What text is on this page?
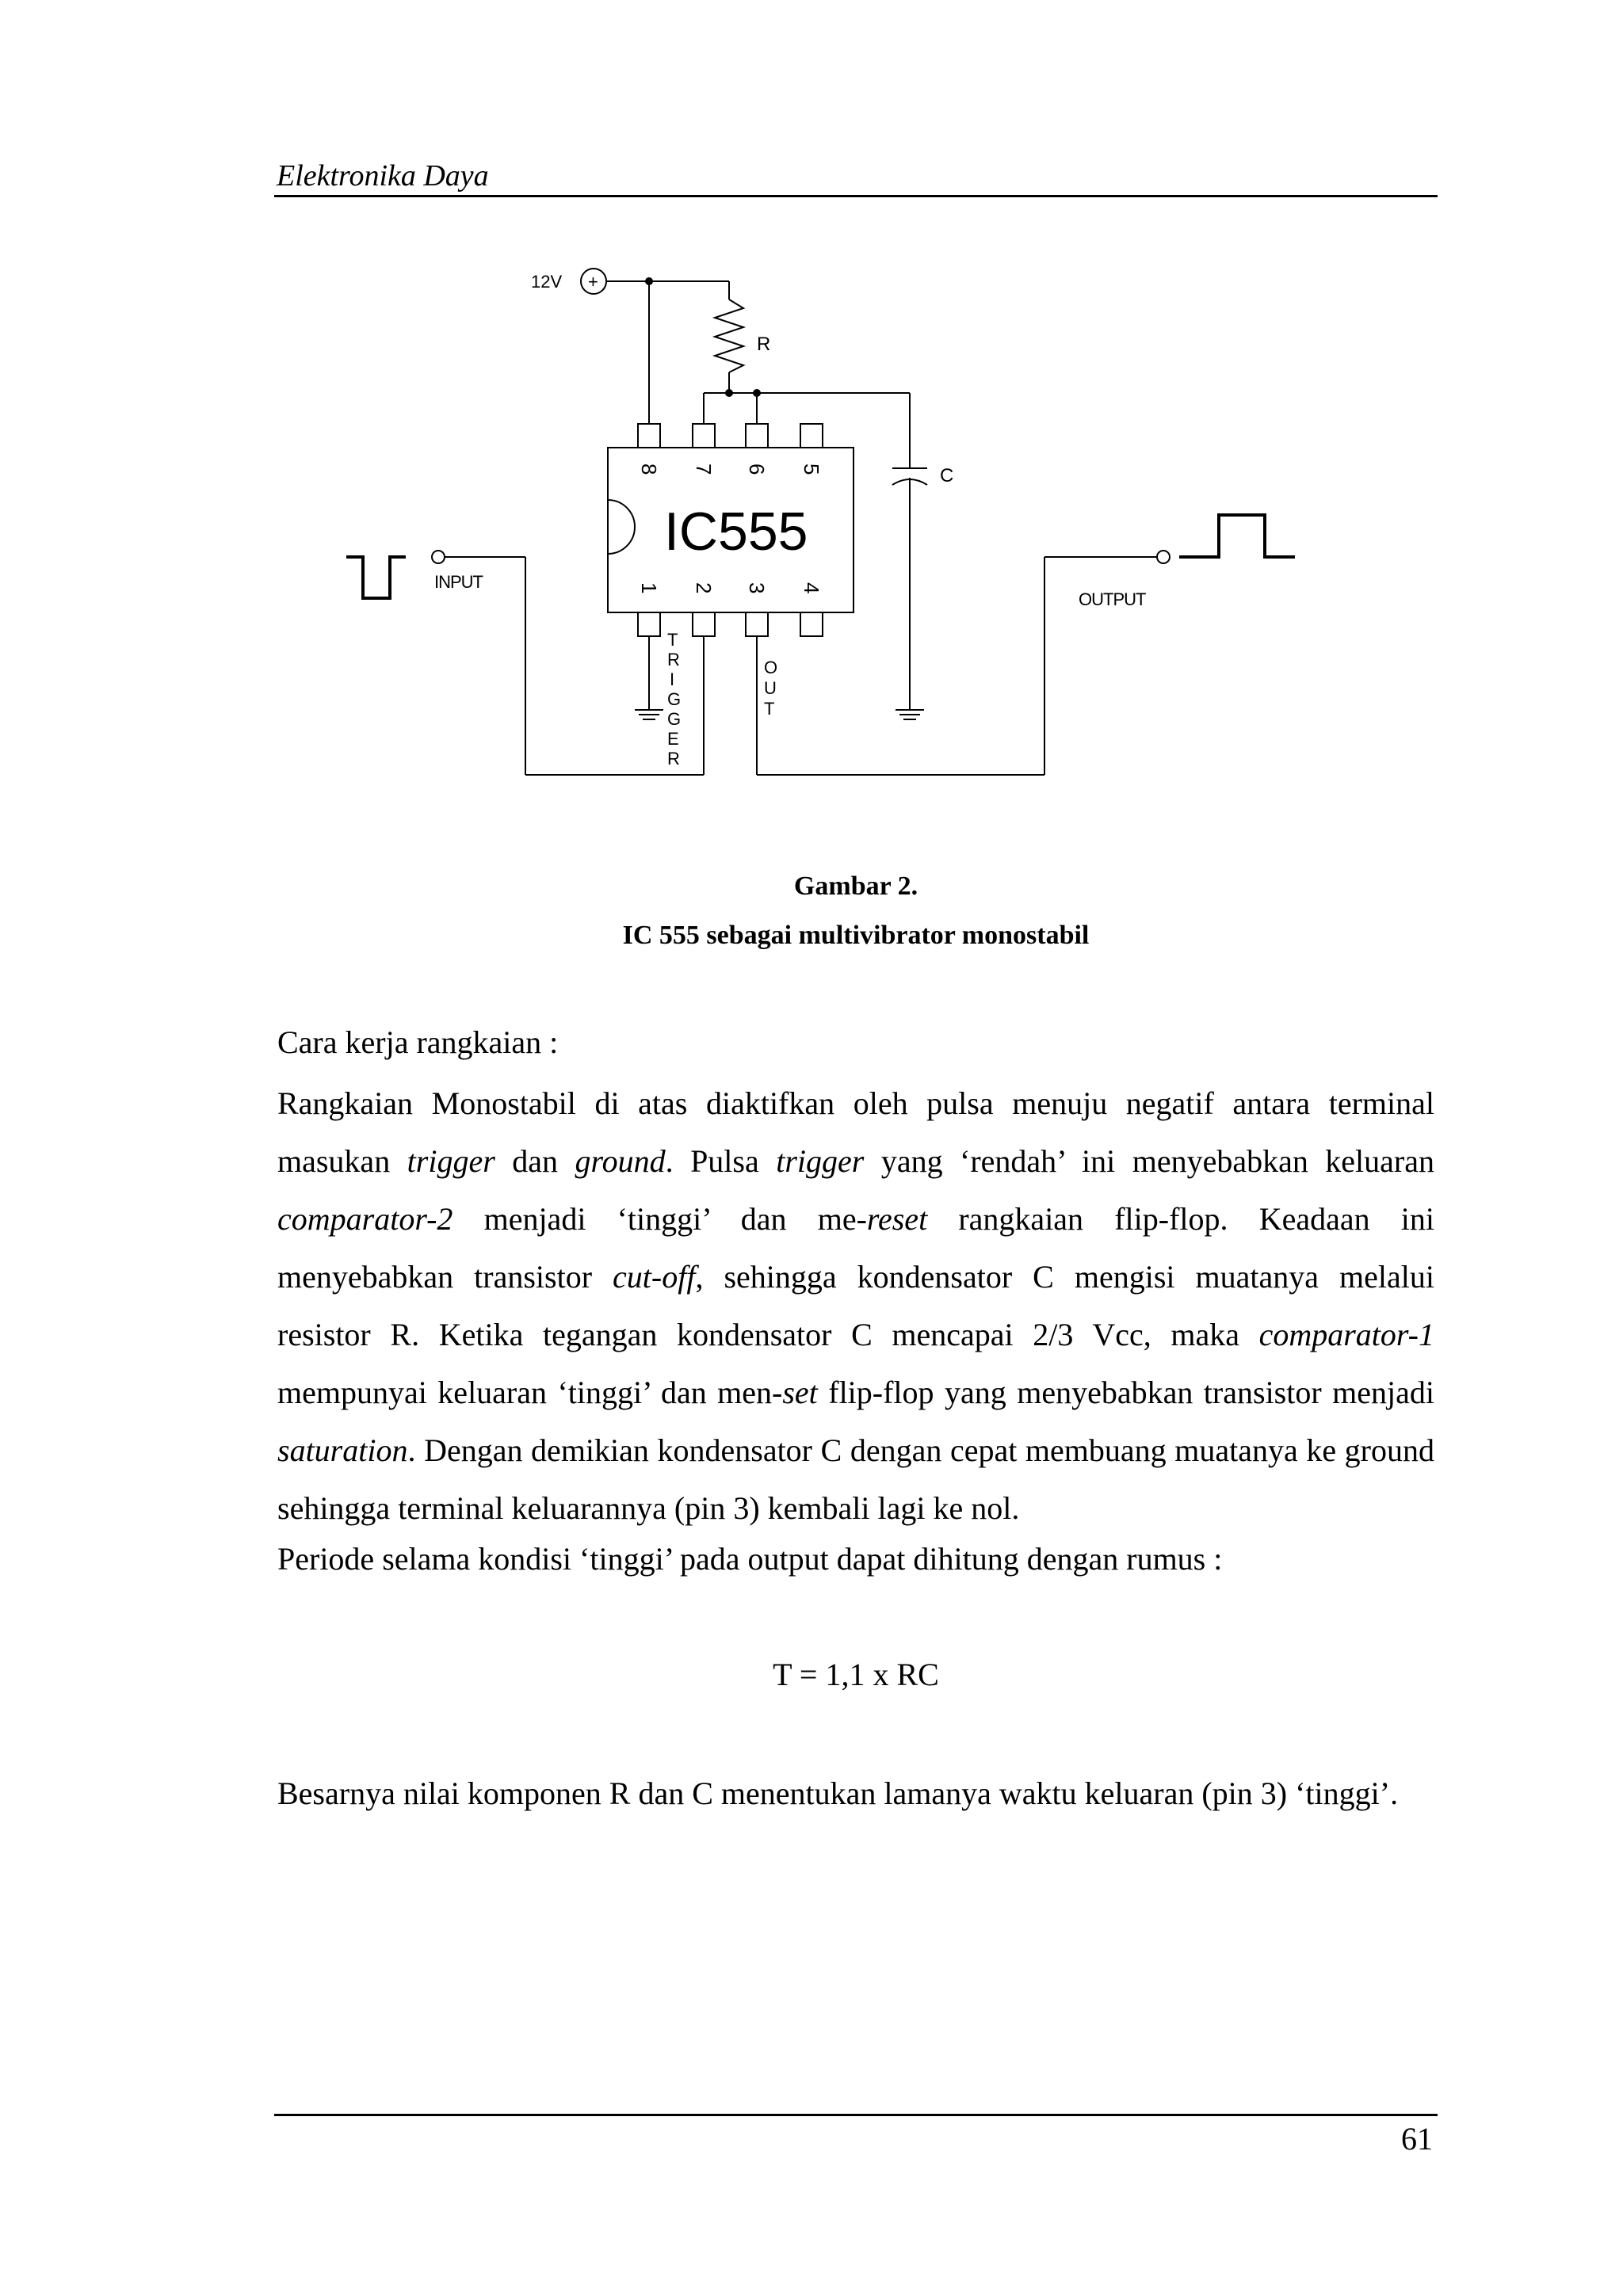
Elektronika Daya
12V +
R
C
IC555
8 7 6 5
1 2 3 4
T
R
I
G
G
E
R
O
U
T
INPUT
OUTPUT
Gambar 2.
IC 555 sebagai multivibrator monostabil
Cara kerja rangkaian :
Rangkaian Monostabil di atas diaktifkan oleh pulsa menuju negatif antara terminal
masukan trigger dan ground. Pulsa trigger yang ‘rendah’ ini menyebabkan keluaran
comparator-2 menjadi ‘tinggi’ dan me-reset rangkaian flip-flop. Keadaan ini
menyebabkan transistor cut-off, sehingga kondensator C mengisi muatanya melalui
resistor R. Ketika tegangan kondensator C mencapai 2/3 Vcc, maka comparator-1
mempunyai keluaran ‘tinggi’ dan men-set flip-flop yang menyebabkan transistor menjadi
saturation. Dengan demikian kondensator C dengan cepat membuang muatanya ke ground
sehingga terminal keluarannya (pin 3) kembali lagi ke nol.
Periode selama kondisi ‘tinggi’ pada output dapat dihitung dengan rumus :
T = 1,1 x RC
Besarnya nilai komponen R dan C menentukan lamanya waktu keluaran (pin 3) ‘tinggi’.
61
